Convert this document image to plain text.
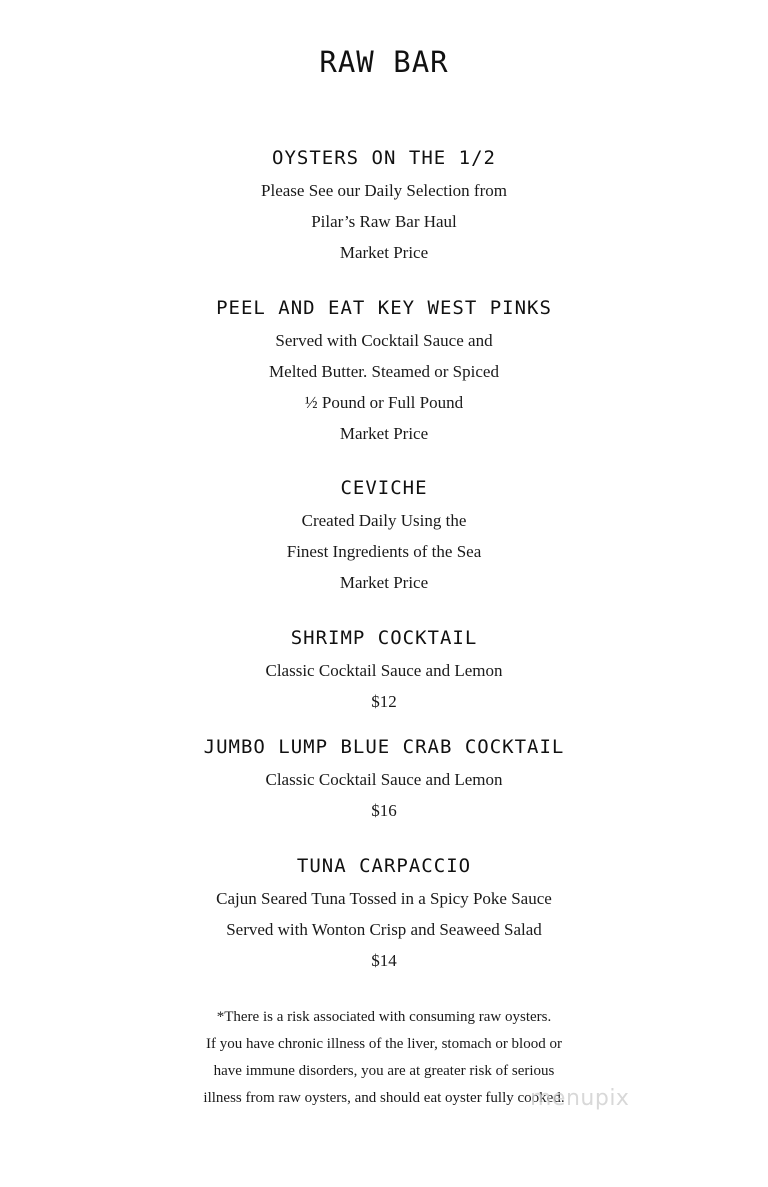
RAW BAR
OYSTERS ON THE 1/2
Please See our Daily Selection from
Pilar’s Raw Bar Haul
Market Price
PEEL AND EAT KEY WEST PINKS
Served with Cocktail Sauce and
Melted Butter. Steamed or Spiced
½ Pound or Full Pound
Market Price
CEVICHE
Created Daily Using the
Finest Ingredients of the Sea
Market Price
SHRIMP COCKTAIL
Classic Cocktail Sauce and Lemon
$12
JUMBO LUMP BLUE CRAB COCKTAIL
Classic Cocktail Sauce and Lemon
$16
TUNA CARPACCIO
Cajun Seared Tuna Tossed in a Spicy Poke Sauce
Served with Wonton Crisp and Seaweed Salad
$14
*There is a risk associated with consuming raw oysters.
If you have chronic illness of the liver, stomach or blood or
have immune disorders, you are at greater risk of serious
illness from raw oysters, and should eat oyster fully cooked.
menupix
